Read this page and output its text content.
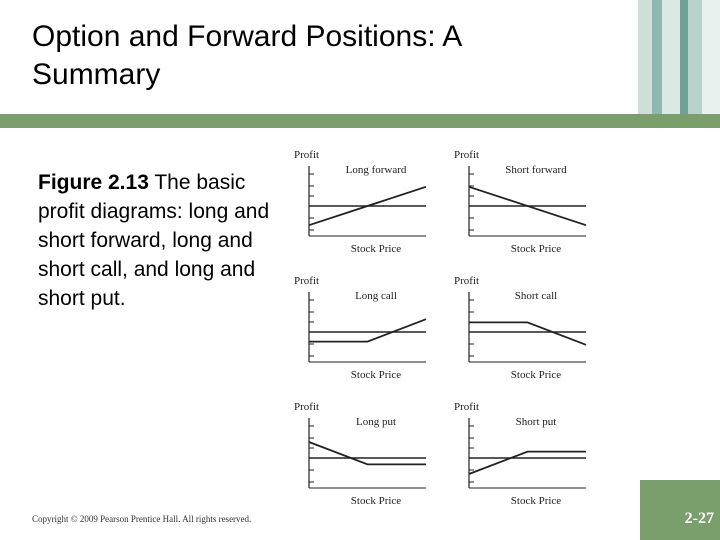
Option and Forward Positions: A Summary
Figure 2.13 The basic profit diagrams: long and short forward, long and short call, and long and short put.
Profit
Long forward
Stock Price
Profit
Short forward
Stock Price
Profit
Long call
Stock Price
Profit
Short call
Stock Price
Profit
Long put
Stock Price
Profit
Short put
Stock Price
Copyright © 2009 Pearson Prentice Hall. All rights reserved.	2-27
